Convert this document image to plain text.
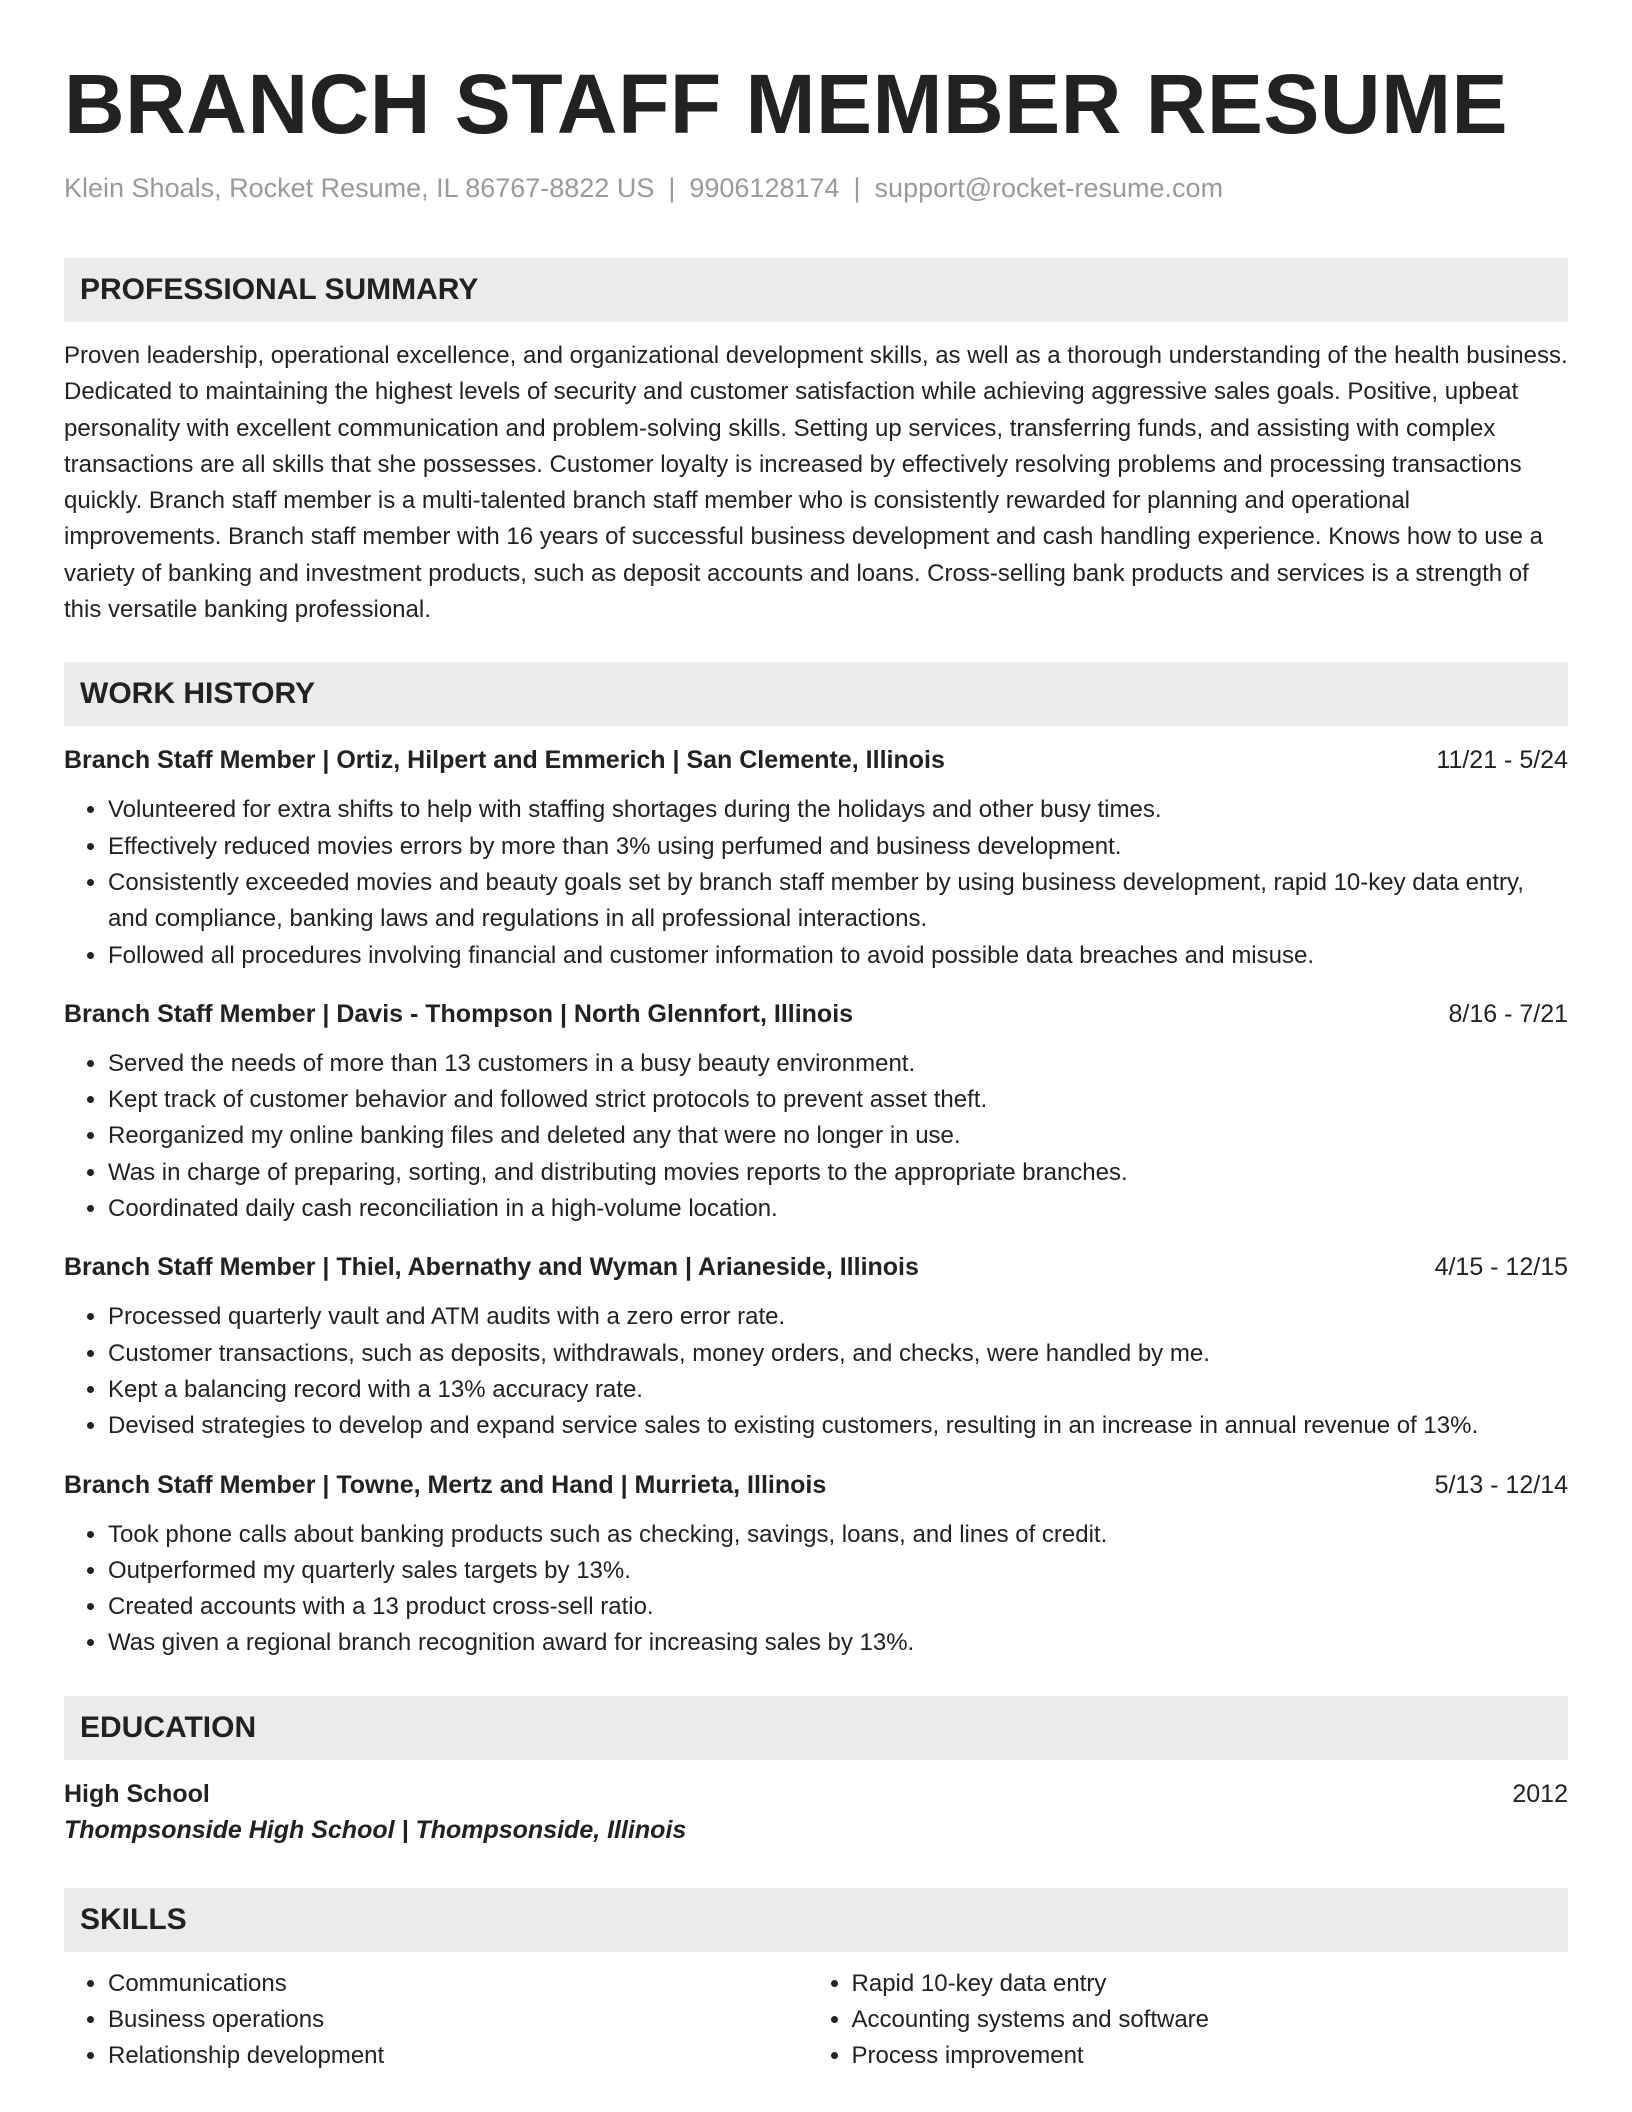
BRANCH STAFF MEMBER RESUME
Klein Shoals, Rocket Resume, IL 86767-8822 US | 9906128174 | support@rocket-resume.com
PROFESSIONAL SUMMARY
Proven leadership, operational excellence, and organizational development skills, as well as a thorough understanding of the health business. Dedicated to maintaining the highest levels of security and customer satisfaction while achieving aggressive sales goals. Positive, upbeat personality with excellent communication and problem-solving skills. Setting up services, transferring funds, and assisting with complex transactions are all skills that she possesses. Customer loyalty is increased by effectively resolving problems and processing transactions quickly. Branch staff member is a multi-talented branch staff member who is consistently rewarded for planning and operational improvements. Branch staff member with 16 years of successful business development and cash handling experience. Knows how to use a variety of banking and investment products, such as deposit accounts and loans. Cross-selling bank products and services is a strength of this versatile banking professional.
WORK HISTORY
Branch Staff Member | Ortiz, Hilpert and Emmerich | San Clemente, Illinois	11/21 - 5/24
• Volunteered for extra shifts to help with staffing shortages during the holidays and other busy times.
• Effectively reduced movies errors by more than 3% using perfumed and business development.
• Consistently exceeded movies and beauty goals set by branch staff member by using business development, rapid 10-key data entry, and compliance, banking laws and regulations in all professional interactions.
• Followed all procedures involving financial and customer information to avoid possible data breaches and misuse.
Branch Staff Member | Davis - Thompson | North Glennfort, Illinois	8/16 - 7/21
• Served the needs of more than 13 customers in a busy beauty environment.
• Kept track of customer behavior and followed strict protocols to prevent asset theft.
• Reorganized my online banking files and deleted any that were no longer in use.
• Was in charge of preparing, sorting, and distributing movies reports to the appropriate branches.
• Coordinated daily cash reconciliation in a high-volume location.
Branch Staff Member | Thiel, Abernathy and Wyman | Arianeside, Illinois	4/15 - 12/15
• Processed quarterly vault and ATM audits with a zero error rate.
• Customer transactions, such as deposits, withdrawals, money orders, and checks, were handled by me.
• Kept a balancing record with a 13% accuracy rate.
• Devised strategies to develop and expand service sales to existing customers, resulting in an increase in annual revenue of 13%.
Branch Staff Member | Towne, Mertz and Hand | Murrieta, Illinois	5/13 - 12/14
• Took phone calls about banking products such as checking, savings, loans, and lines of credit.
• Outperformed my quarterly sales targets by 13%.
• Created accounts with a 13 product cross-sell ratio.
• Was given a regional branch recognition award for increasing sales by 13%.
EDUCATION
High School	2012
Thompsonside High School | Thompsonside, Illinois
SKILLS
• Communications
• Business operations
• Relationship development
• Rapid 10-key data entry
• Accounting systems and software
• Process improvement
